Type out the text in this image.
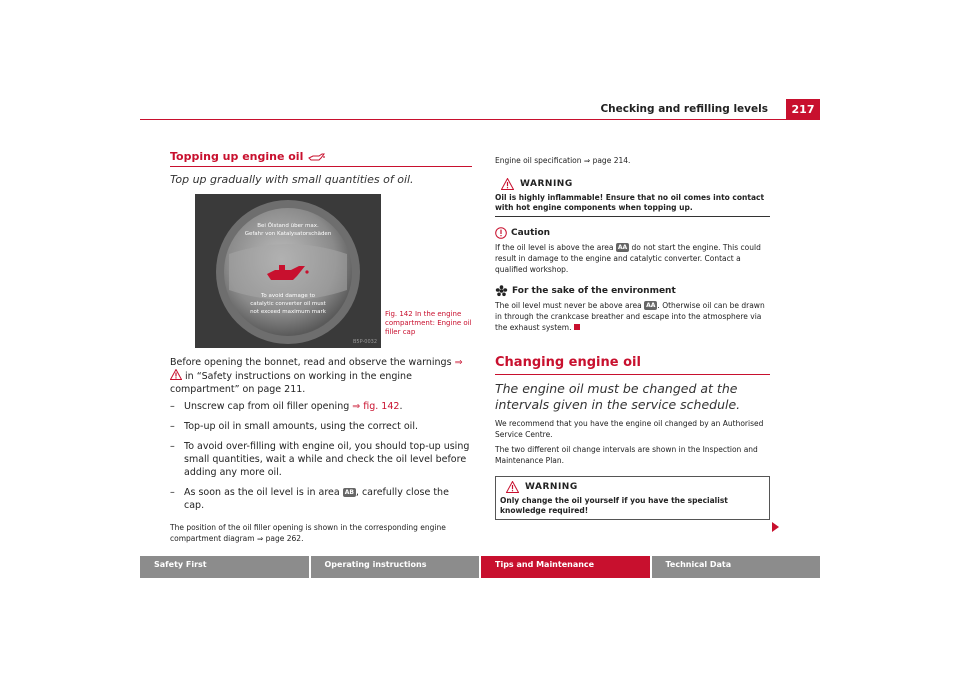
Checking and refilling levels	217
Topping up engine oil
Top up gradually with small quantities of oil.
Bei Ölstand über max.
Gefahr von Katalysatorschäden
To avoid damage to
catalytic converter oil must
not exceed maximum mark
B5P-0032
Fig. 142 In the engine compartment: Engine oil filler cap

Before opening the bonnet, read and observe the warnings ⇒  in “Safety instructions on working in the engine compartment” on page 211.

– Unscrew cap from oil filler opening ⇒ fig. 142.
– Top-up oil in small amounts, using the correct oil.
– To avoid over-filling with engine oil, you should top-up using small quantities, wait a while and check the oil level before adding any more oil.
– As soon as the oil level is in area AB , carefully close the cap.
The position of the oil filler opening is shown in the corresponding engine compartment diagram ⇒ page 262.
Engine oil specification ⇒ page 214.
WARNING
Oil is highly inflammable! Ensure that no oil comes into contact with hot engine components when topping up.
Caution
If the oil level is above the area AA do not start the engine. This could result in damage to the engine and catalytic converter. Contact a qualified workshop.
For the sake of the environment
The oil level must never be above area AA . Otherwise oil can be drawn in through the crankcase breather and escape into the atmosphere via the exhaust system.
Changing engine oil
The engine oil must be changed at the intervals given in the service schedule.
We recommend that you have the engine oil changed by an Authorised Service Centre.
The two different oil change intervals are shown in the Inspection and Maintenance Plan.
WARNING
Only change the oil yourself if you have the specialist knowledge required!
Safety First	Operating instructions	Tips and Maintenance	Technical Data
